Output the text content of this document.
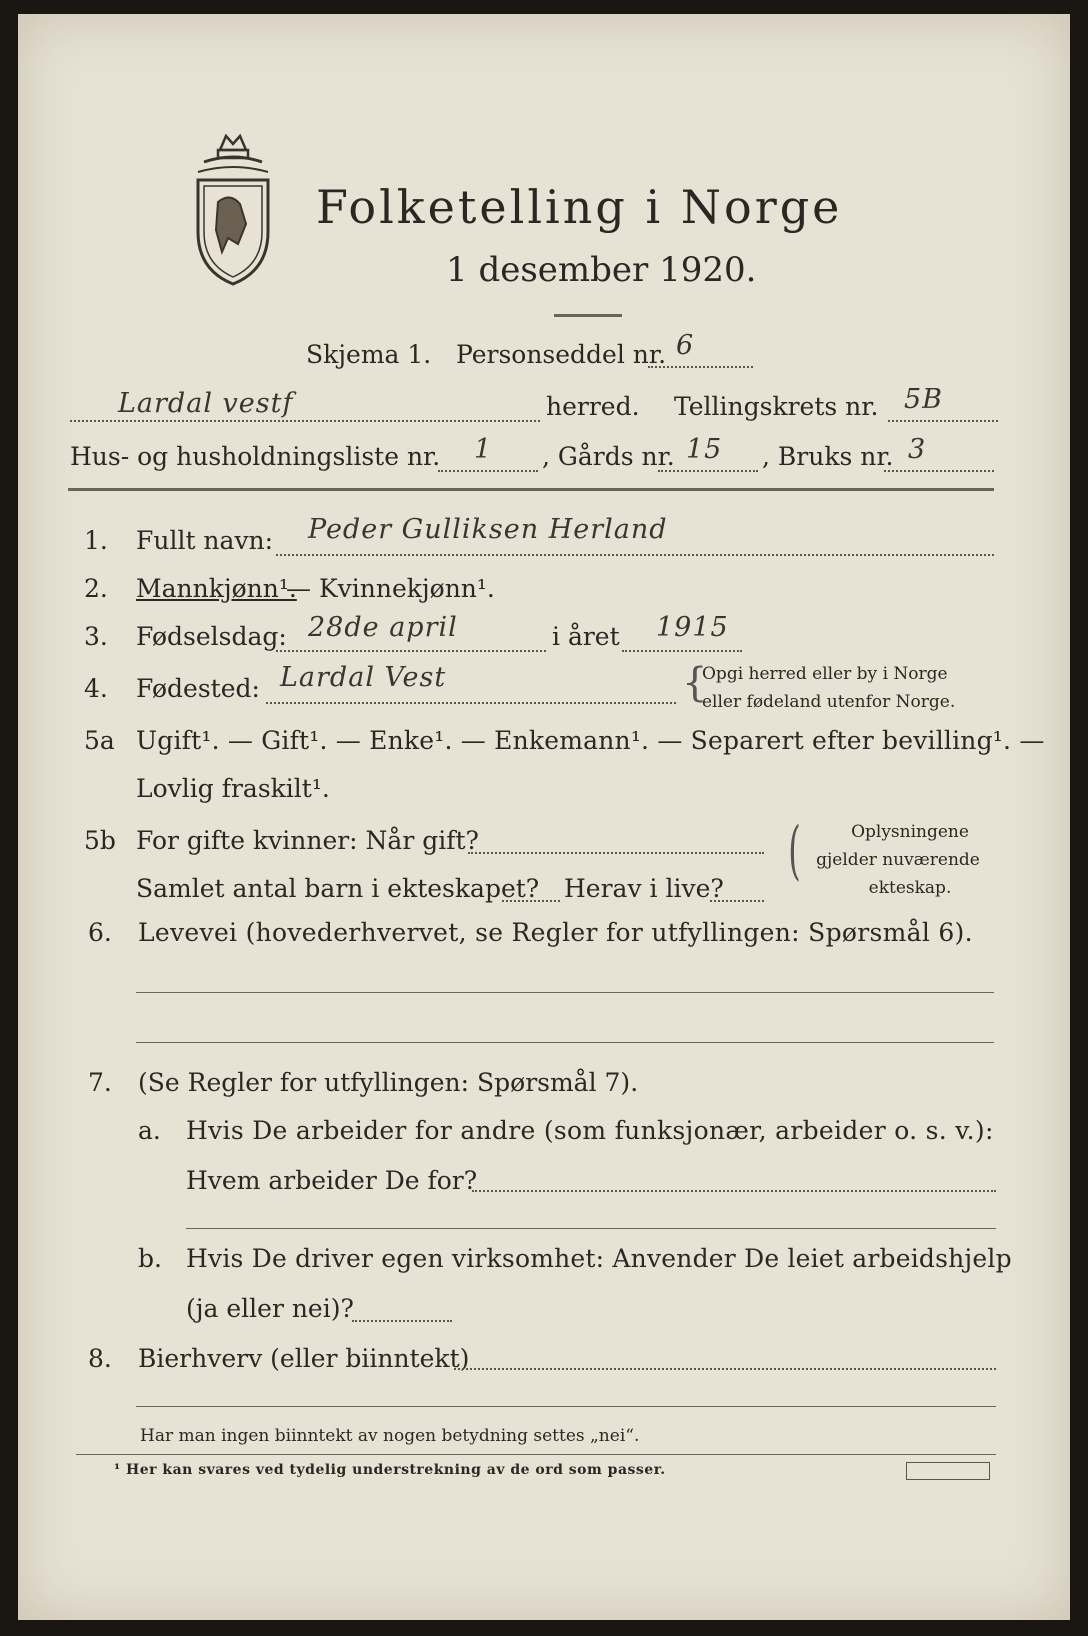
Folketelling i Norge
1 desember 1920.
Skjema 1. Personseddel nr. 6
Lardal vestf	herred. Tellingskrets nr. 5B
Hus- og husholdningsliste nr. 1 , Gårds nr. 15 , Bruks nr. 3
1. Fullt navn: Peder Gulliksen Herland
2. Mannkjønn¹.
— Kvinnekjønn¹.
3. Fødselsdag: 28de april	i året 1915
4. Fødested: Lardal Vest	{
Opgi herred eller by i Norge
eller fødeland utenfor Norge.
5a Ugift¹. — Gift¹. — Enke¹. — Enkemann¹. — Separert efter bevilling¹. —
Lovlig fraskilt¹.
5b For gifte kvinner: Når gift?
Samlet antal barn i ekteskapet? Herav i live?
(	Oplysningene
gjelder nuværende
ekteskap.
6. Levevei (hovederhvervet, se Regler for utfyllingen: Spørsmål 6).
7. (Se Regler for utfyllingen: Spørsmål 7).
a. Hvis De arbeider for andre (som funksjonær, arbeider o. s. v.):
Hvem arbeider De for?
b. Hvis De driver egen virksomhet: Anvender De leiet arbeidshjelp
(ja eller nei)?
8. Bierhverv (eller biinntekt)
Har man ingen biinntekt av nogen betydning settes „nei“.
¹ Her kan svares ved tydelig understrekning av de ord som passer.
